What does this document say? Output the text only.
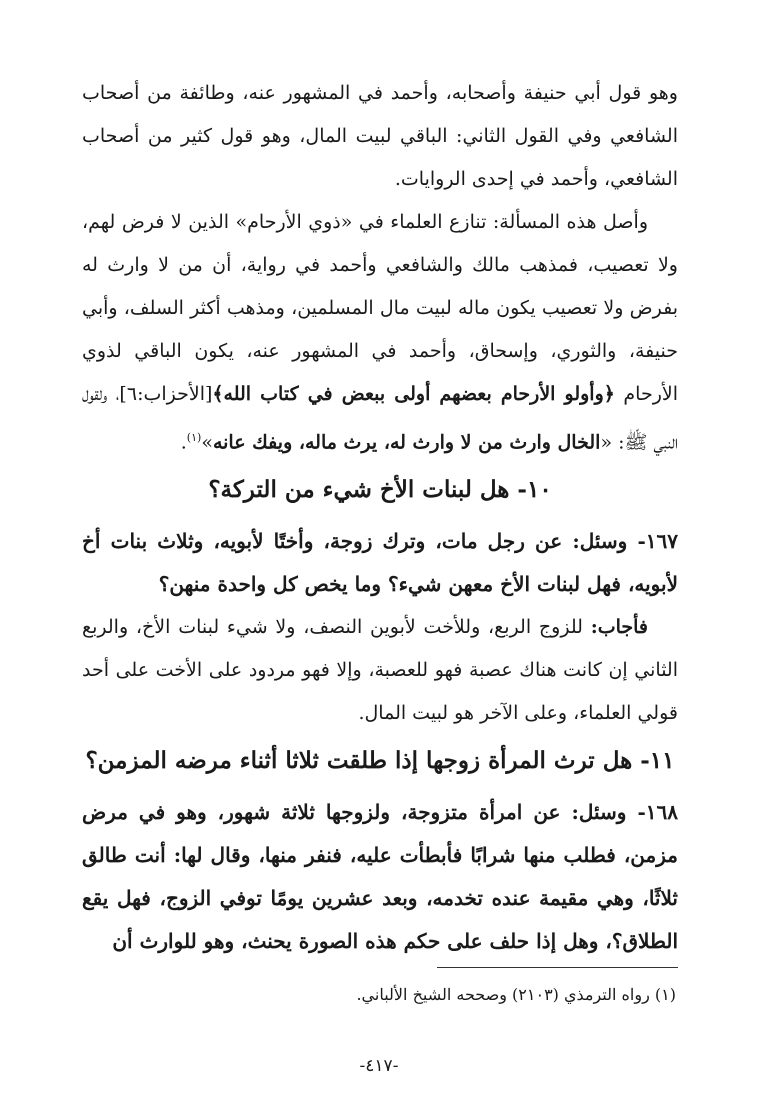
وهو قول أبي حنيفة وأصحابه، وأحمد في المشهور عنه، وطائفة من أصحاب الشافعي وفي القول الثاني: الباقي لبيت المال، وهو قول كثير من أصحاب الشافعي، وأحمد في إحدى الروايات.

وأصل هذه المسألة: تنازع العلماء في «ذوي الأرحام» الذين لا فرض لهم، ولا تعصيب، فمذهب مالك والشافعي وأحمد في رواية، أن من لا وارث له بفرض ولا تعصيب يكون ماله لبيت مال المسلمين، ومذهب أكثر السلف، وأبي حنيفة، والثوري، وإسحاق، وأحمد في المشهور عنه، يكون الباقي لذوي الأرحام ﴿وأولو الأرحام بعضهم أولى ببعض في كتاب الله﴾[الأحزاب:٦]، ولقول النبي ﷺ: «الخال وارث من لا وارث له، يرث ماله، ويفك عانه»$^{(١)}$.

١٠- هل لبنات الأخ شيء من التركة؟

١٦٧- وسئل: عن رجل مات، وترك زوجة، وأختًا لأبويه، وثلاث بنات أخ لأبويه، فهل لبنات الأخ معهن شيء؟ وما يخص كل واحدة منهن؟

فأجاب: للزوج الربع، وللأخت لأبوين النصف، ولا شيء لبنات الأخ، والربع الثاني إن كانت هناك عصبة فهو للعصبة، وإلا فهو مردود على الأخت على أحد قولي العلماء، وعلى الآخر هو لبيت المال.

١١- هل ترث المرأة زوجها إذا طلقت ثلاثا أثناء مرضه المزمن؟

١٦٨- وسئل: عن امرأة متزوجة، ولزوجها ثلاثة شهور، وهو في مرض مزمن، فطلب منها شرابًا فأبطأت عليه، فنفر منها، وقال لها: أنت طالق ثلاثًا، وهي مقيمة عنده تخدمه، وبعد عشرين يومًا توفي الزوج، فهل يقع الطلاق؟، وهل إذا حلف على حكم هذه الصورة يحنث، وهو للوارث أن

(١) رواه الترمذي (٢١٠٣) وصححه الشيخ الألباني.
-٤١٧-
